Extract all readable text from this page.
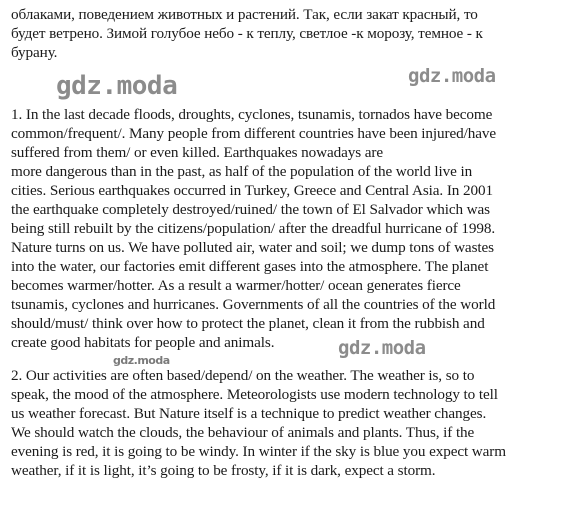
облаками, поведением животных и растений. Так, если закат красный, то
будет ветрено. Зимой голубое небо - к теплу, светлое -к морозу, темное - к
бурану.
gdz.moda	gdz.moda
1. In the last decade floods, droughts, cyclones, tsunamis, tornados have become
common/frequent/. Many people from different countries have been injured/have
suffered from them/ or even killed. Earthquakes nowadays are
more dangerous than in the past, as half of the population of the world live in
cities. Serious earthquakes occurred in Turkey, Greece and Central Asia. In 2001
the earthquake completely destroyed/ruined/ the town of El Salvador which was
being still rebuilt by the citizens/population/ after the dreadful hurricane of 1998.
Nature turns on us. We have polluted air, water and soil; we dump tons of wastes
into the water, our factories emit different gases into the atmosphere. The planet
becomes warmer/hotter. As a result a warmer/hotter/ ocean generates fierce
tsunamis, cyclones and hurricanes. Governments of all the countries of the world
should/must/ think over how to protect the planet, clean it from the rubbish and
create good habitats for people and animals.	gdz.moda
gdz.moda
2. Our activities are often based/depend/ on the weather. The weather is, so to
speak, the mood of the atmosphere. Meteorologists use modern technology to tell
us weather forecast. But Nature itself is a technique to predict weather changes.
We should watch the clouds, the behaviour of animals and plants. Thus, if the
evening is red, it is going to be windy. In winter if the sky is blue you expect warm
weather, if it is light, it’s going to be frosty, if it is dark, expect a storm.
